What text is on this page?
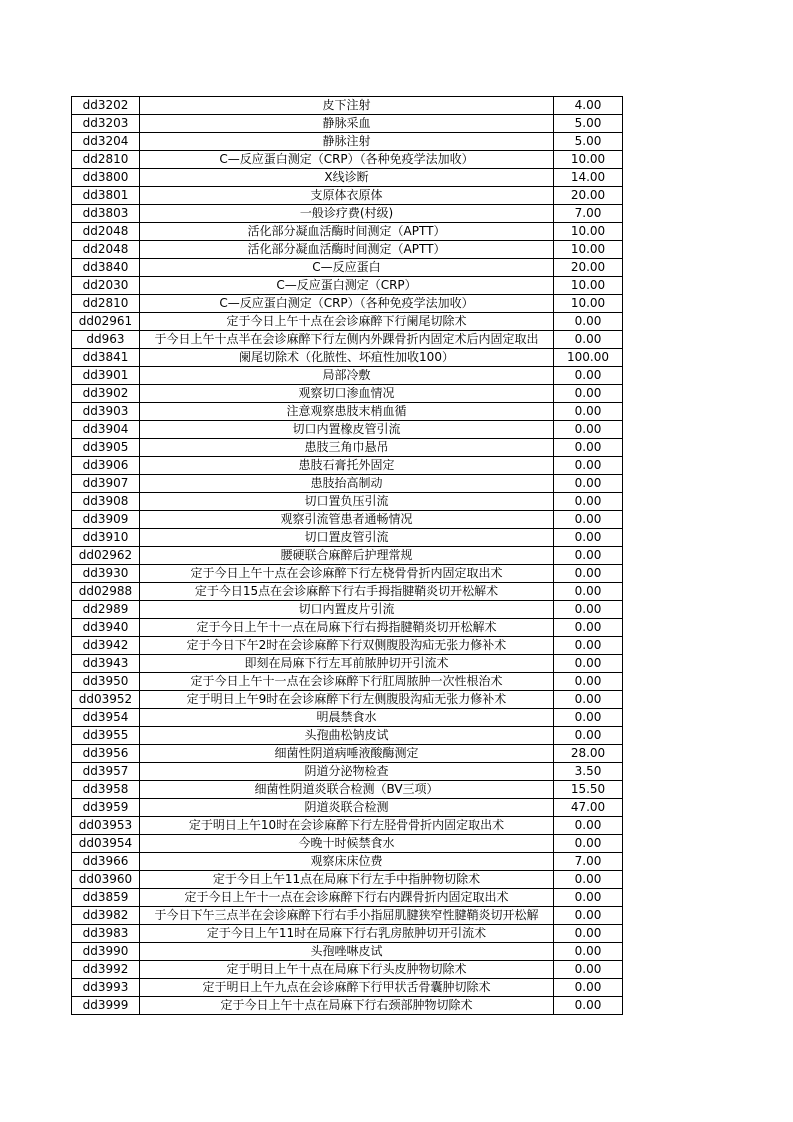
dd3202	皮下注射	4.00
dd3203	静脉采血	5.00
dd3204	静脉注射	5.00
dd2810	C—反应蛋白测定（CRP）（各种免疫学法加收）	10.00
dd3800	X线诊断	14.00
dd3801	支原体衣原体	20.00
dd3803	一般诊疗费(村级)	7.00
dd2048	活化部分凝血活酶时间测定（APTT）	10.00
dd2048	活化部分凝血活酶时间测定（APTT）	10.00
dd3840	C—反应蛋白	20.00
dd2030	C—反应蛋白测定（CRP）	10.00
dd2810	C—反应蛋白测定（CRP）（各种免疫学法加收）	10.00
dd02961	定于今日上午十点在会诊麻醉下行阑尾切除术	0.00
dd963	于今日上午十点半在会诊麻醉下行左侧内外踝骨折内固定术后内固定取出	0.00
dd3841	阑尾切除术（化脓性、坏疽性加收100）	100.00
dd3901	局部冷敷	0.00
dd3902	观察切口渗血情况	0.00
dd3903	注意观察患肢末梢血循	0.00
dd3904	切口内置橡皮管引流	0.00
dd3905	患肢三角巾悬吊	0.00
dd3906	患肢石膏托外固定	0.00
dd3907	患肢抬高制动	0.00
dd3908	切口置负压引流	0.00
dd3909	观察引流管患者通畅情况	0.00
dd3910	切口置皮管引流	0.00
dd02962	腰硬联合麻醉后护理常规	0.00
dd3930	定于今日上午十点在会诊麻醉下行左桡骨骨折内固定取出术	0.00
dd02988	定于今日15点在会诊麻醉下行右手拇指腱鞘炎切开松解术	0.00
dd2989	切口内置皮片引流	0.00
dd3940	定于今日上午十一点在局麻下行右拇指腱鞘炎切开松解术	0.00
dd3942	定于今日下午2时在会诊麻醉下行双侧腹股沟疝无张力修补术	0.00
dd3943	即刻在局麻下行左耳前脓肿切开引流术	0.00
dd3950	定于今日上午十一点在会诊麻醉下行肛周脓肿一次性根治术	0.00
dd03952	定于明日上午9时在会诊麻醉下行左侧腹股沟疝无张力修补术	0.00
dd3954	明晨禁食水	0.00
dd3955	头孢曲松钠皮试	0.00
dd3956	细菌性阴道病唾液酸酶测定	28.00
dd3957	阴道分泌物检查	3.50
dd3958	细菌性阴道炎联合检测（BV三项）	15.50
dd3959	阴道炎联合检测	47.00
dd03953	定于明日上午10时在会诊麻醉下行左胫骨骨折内固定取出术	0.00
dd03954	今晚十时候禁食水	0.00
dd3966	观察床床位费	7.00
dd03960	定于今日上午11点在局麻下行左手中指肿物切除术	0.00
dd3859	定于今日上午十一点在会诊麻醉下行右内踝骨折内固定取出术	0.00
dd3982	于今日下午三点半在会诊麻醉下行右手小指屈肌腱狭窄性腱鞘炎切开松解	0.00
dd3983	定于今日上午11时在局麻下行右乳房脓肿切开引流术	0.00
dd3990	头孢唑啉皮试	0.00
dd3992	定于明日上午十点在局麻下行头皮肿物切除术	0.00
dd3993	定于明日上午九点在会诊麻醉下行甲状舌骨囊肿切除术	0.00
dd3999	定于今日上午十点在局麻下行右颈部肿物切除术	0.00
